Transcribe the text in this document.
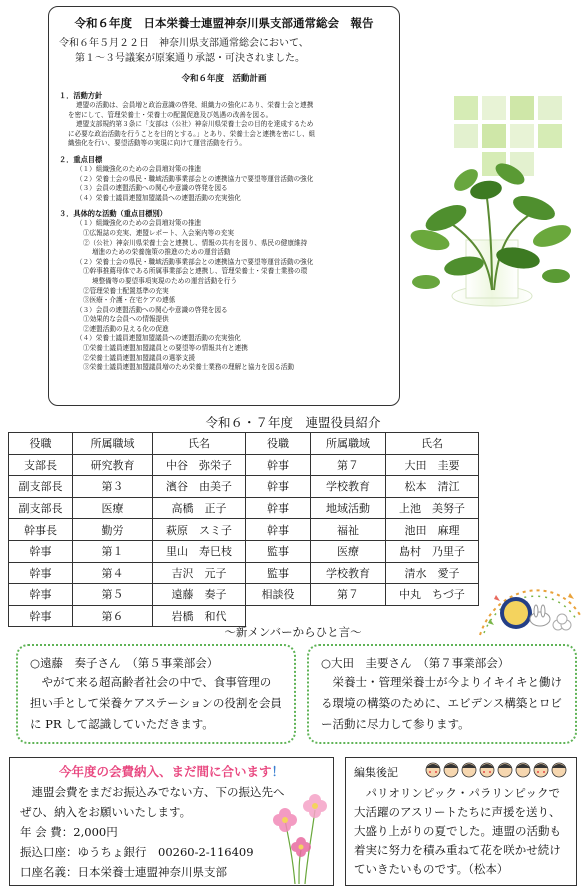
令和６年度　日本栄養士連盟神奈川県支部通常総会　報告
令和６年５月２２日　神奈川県支部通常総会において、
第１～３号議案が原案通り承認・可決されました。
令和６年度　活動計画
１．活動方針
連盟の活動は、会員増と政治意識の啓発、組織力の強化にあり、栄養士会と連携
を密にして、管理栄養士・栄養士の配置促進及び処遇の改善を図る。
連盟支部規約第３条に「支部は（公社）神奈川県栄養士会の目的を達成するため
に必要な政治活動を行うことを目的とする。」とあり、栄養士会と連携を密にし、組
織強化を行い、要望活動等の実現に向けて運営活動を行う。
２．重点目標
（１）組織強化のための会員増対策の推進
（２）栄養士会の県民・職域活動事業部会との連携協力で要望等運営活動の強化
（３）会員の連盟活動への関心や意識の啓発を図る
（４）栄養士議員連盟加盟議員への連盟活動の充実強化
３．具体的な活動（重点目標別）
（１）組織強化のための会員増対策の推進
①広報誌の充実、連盟レポート、入会案内等の充実
②（公社）神奈川県栄養士会と連携し、情報の共有を図り、県民の健康維持
増進のための栄養施策の推進のための運営活動
（２）栄養士会の県民・職域活動事業部会との連携協力で要望等運営活動の強化
①幹事推薦母体である所属事業部会と連携し、管理栄養士・栄養士業務の環
境整備等の要望事項実現のための運営活動を行う
②管理栄養士配置基準の充実
③医療・介護・在宅ケアの連係
（３）会員の連盟活動への関心や意識の啓発を図る
①効果的な会員への情報提供
②連盟活動の見える化の促進
（４）栄養士議員連盟加盟議員への連盟活動の充実強化
①栄養士議員連盟加盟議員との要望等の情報共有と連携
②栄養士議員連盟加盟議員の選挙支援
③栄養士議員連盟加盟議員増のため栄養士業務の理解と協力を図る活動
令和６・７年度　連盟役員紹介
役職	所属職域	氏名	役職	所属職域	氏名
支部長	研究教育	中谷　弥栄子	幹事	第７	大田　圭要
副支部長	第３	濱谷　由美子	幹事	学校教育	松本　清江
副支部長	医療	高橋　正子	幹事	地域活動	上池　美努子
幹事長	勤労	萩原　スミ子	幹事	福祉	池田　麻理
幹事	第１	里山　寿巳枝	監事	医療	島村　乃里子
幹事	第４	吉沢　元子	監事	学校教育	清水　愛子
幹事	第５	遠藤　奏子	相談役	第７	中丸　ちづ子
幹事	第６	岩橋　和代			
～新メンバーからひと言～
○遠藤　奏子さん　（第５事業部会）
やがて来る超高齢者社会の中で、食事管理の担い手として栄養ケアステーションの役割を会員に PR して認識していただきます。
○大田　圭要さん　（第７事業部会）
栄養士・管理栄養士が今よりイキイキと働ける環境の構築のために、エビデンス構築とロビー活動に尽力して参ります。
今年度の会費納入、まだ間に合います！
連盟会費をまだお振込みでない方、下の振込先へ
ぜひ、納入をお願いいたします。
年 会 費：2,000円
振込口座：ゆうちょ銀行　00260-2-116409
口座名義：日本栄養士連盟神奈川県支部
編集後記
パリオリンピック・パラリンピックで大活躍のアスリートたちに声援を送り、大盛り上がりの夏でした。連盟の活動も着実に努力を積み重ねて花を咲かせ続けていきたいものです。（松本）
